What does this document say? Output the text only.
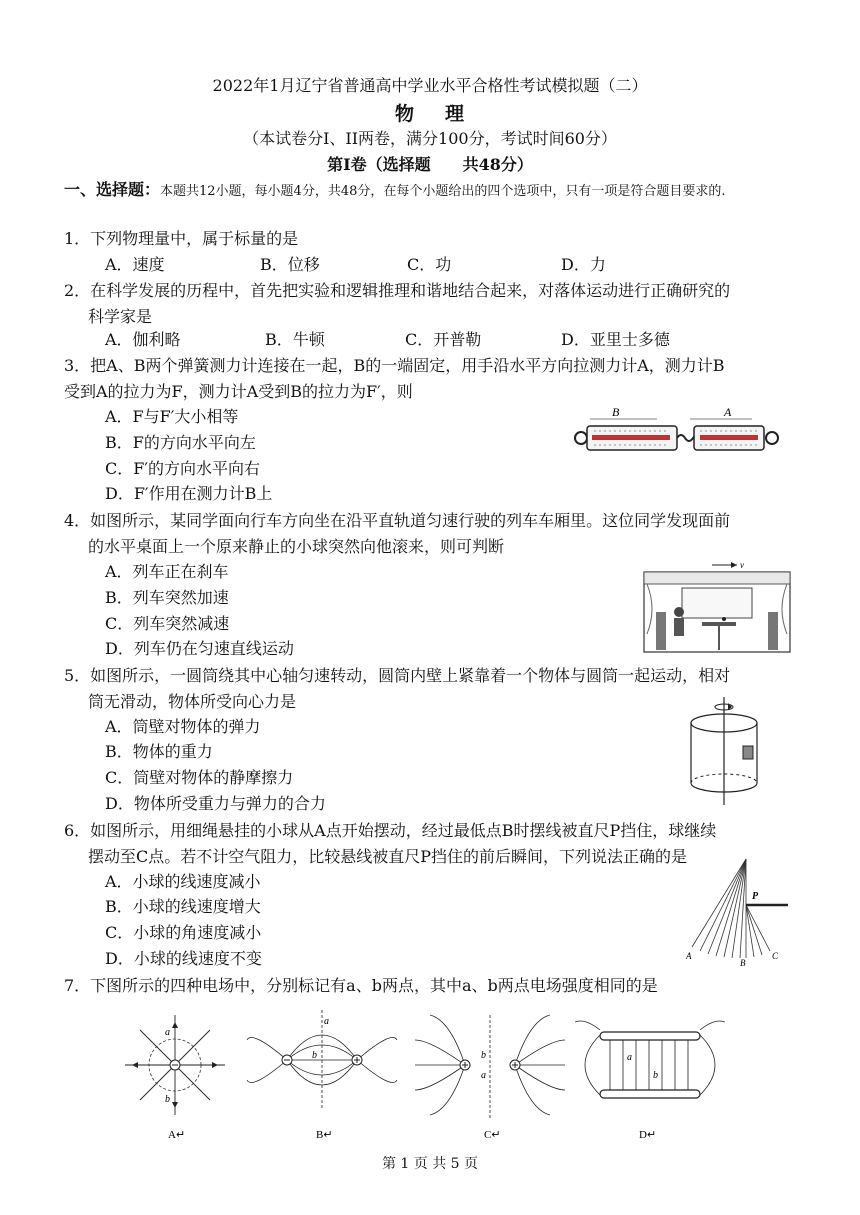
2022年1月辽宁省普通高中学业水平合格性考试模拟题（二）
物 理
（本试卷分I、II两卷，满分100分，考试时间60分）
第I卷（选择题　　共48分）
一、选择题：本题共12小题，每小题4分，共48分，在每个小题给出的四个选项中，只有一项是符合题目要求的.
1．下列物理量中，属于标量的是
A．速度	B．位移	C．功	D．力
2．在科学发展的历程中，首先把实验和逻辑推理和谐地结合起来，对落体运动进行正确研究的
科学家是
A．伽利略	B．牛顿	C．开普勒	D．亚里士多德
3．把A、B两个弹簧测力计连接在一起，B的一端固定，用手沿水平方向拉测力计A，测力计B
受到A的拉力为F，测力计A受到B的拉力为F′，则
A．F与F′大小相等
B．F的方向水平向左
C．F′的方向水平向右
D．F′作用在测力计B上
B	A
4．如图所示，某同学面向行车方向坐在沿平直轨道匀速行驶的列车车厢里。这位同学发现面前
的水平桌面上一个原来静止的小球突然向他滚来，则可判断
A．列车正在刹车
B．列车突然加速
C．列车突然减速
D．列车仍在匀速直线运动
v
5．如图所示，一圆筒绕其中心轴匀速转动，圆筒内壁上紧靠着一个物体与圆筒一起运动，相对
筒无滑动，物体所受向心力是
A．筒壁对物体的弹力
B．物体的重力
C．筒壁对物体的静摩擦力
D．物体所受重力与弹力的合力
6．如图所示，用细绳悬挂的小球从A点开始摆动，经过最低点B时摆线被直尺P挡住，球继续
摆动至C点。若不计空气阻力，比较悬线被直尺P挡住的前后瞬间，下列说法正确的是
A．小球的线速度减小
B．小球的线速度增大
C．小球的角速度减小
D．小球的线速度不变
P
A
B
C
7．下图所示的四种电场中，分别标记有a、b两点，其中a、b两点电场强度相同的是
a
b
A↵
a
b
B↵
b
a
C↵
a
b
D↵
第 1 页 共 5 页
